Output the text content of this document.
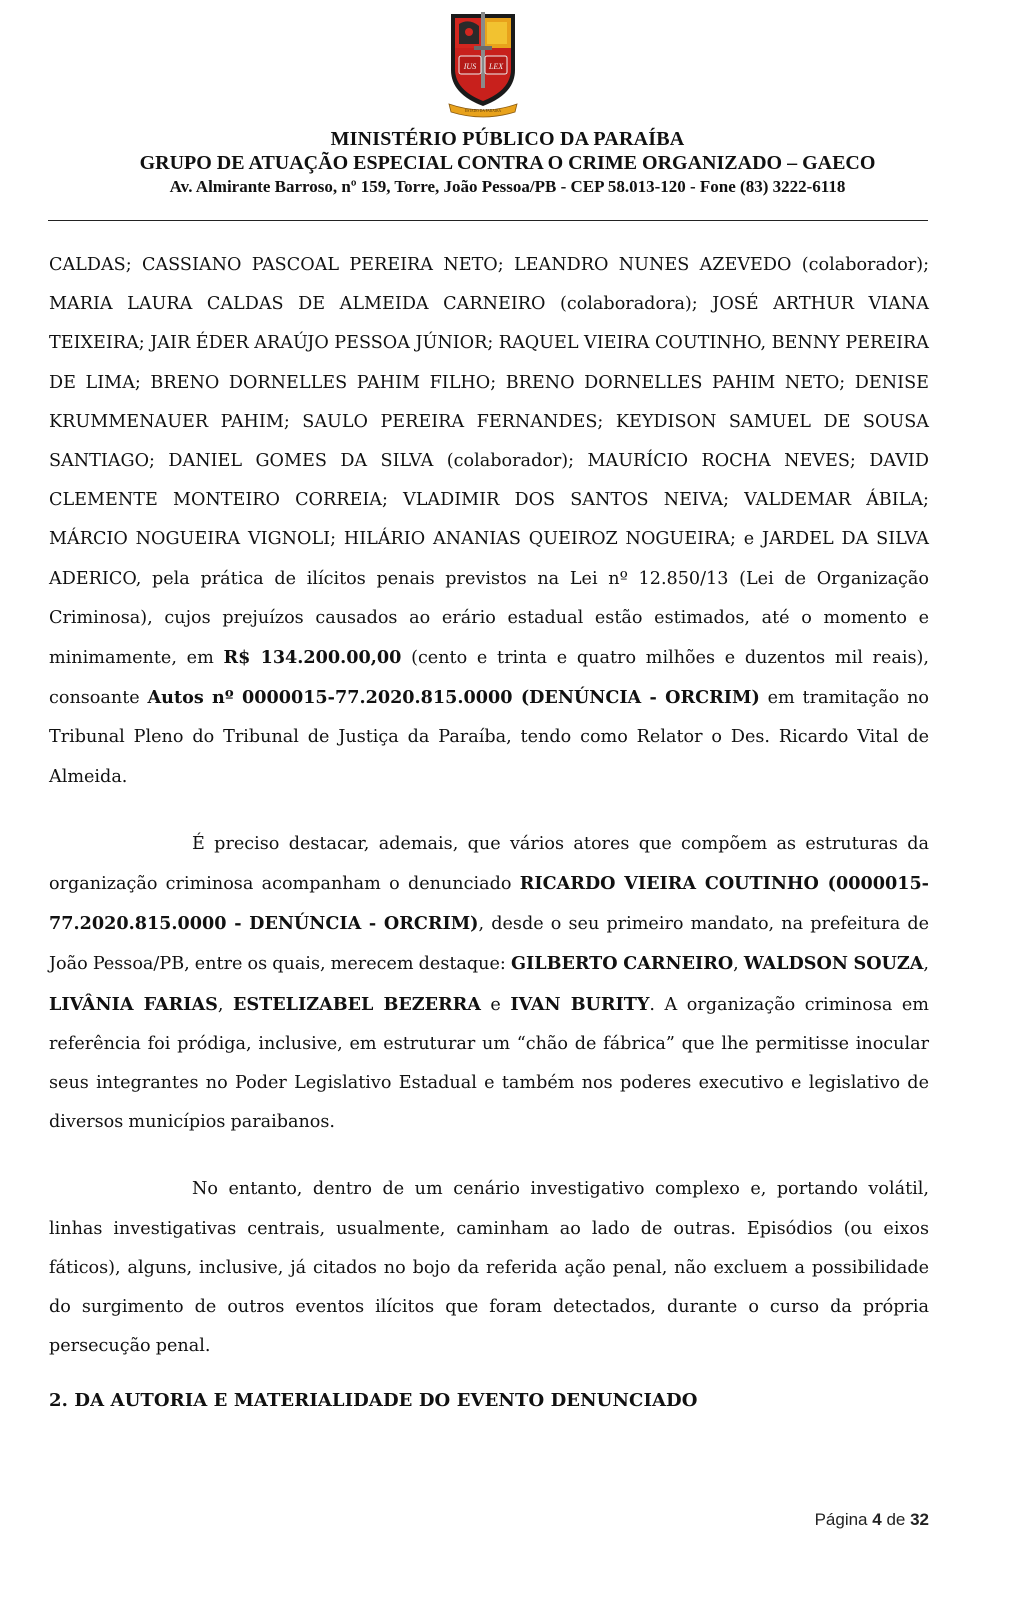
IUS LEX
ESTADO DA PARAIBA
MINISTÉRIO PÚBLICO DA PARAÍBA
GRUPO DE ATUAÇÃO ESPECIAL CONTRA O CRIME ORGANIZADO – GAECO
Av. Almirante Barroso, nº 159, Torre, João Pessoa/PB - CEP 58.013-120 - Fone (83) 3222-6118

CALDAS; CASSIANO PASCOAL PEREIRA NETO; LEANDRO NUNES AZEVEDO (colaborador); MARIA LAURA CALDAS DE ALMEIDA CARNEIRO (colaboradora); JOSÉ ARTHUR VIANA TEIXEIRA; JAIR ÉDER ARAÚJO PESSOA JÚNIOR; RAQUEL VIEIRA COUTINHO, BENNY PEREIRA DE LIMA; BRENO DORNELLES PAHIM FILHO; BRENO DORNELLES PAHIM NETO; DENISE KRUMMENAUER PAHIM; SAULO PEREIRA FERNANDES; KEYDISON SAMUEL DE SOUSA SANTIAGO; DANIEL GOMES DA SILVA (colaborador); MAURÍCIO ROCHA NEVES; DAVID CLEMENTE MONTEIRO CORREIA; VLADIMIR DOS SANTOS NEIVA; VALDEMAR ÁBILA; MÁRCIO NOGUEIRA VIGNOLI; HILÁRIO ANANIAS QUEIROZ NOGUEIRA; e JARDEL DA SILVA ADERICO, pela prática de ilícitos penais previstos na Lei nº 12.850/13 (Lei de Organização Criminosa), cujos prejuízos causados ao erário estadual estão estimados, até o momento e minimamente, em R$ 134.200.00,00 (cento e trinta e quatro milhões e duzentos mil reais), consoante Autos nº 0000015-77.2020.815.0000 (DENÚNCIA - ORCRIM) em tramitação no Tribunal Pleno do Tribunal de Justiça da Paraíba, tendo como Relator o Des. Ricardo Vital de Almeida.

É preciso destacar, ademais, que vários atores que compõem as estruturas da organização criminosa acompanham o denunciado RICARDO VIEIRA COUTINHO (0000015-77.2020.815.0000 - DENÚNCIA - ORCRIM), desde o seu primeiro mandato, na prefeitura de João Pessoa/PB, entre os quais, merecem destaque: GILBERTO CARNEIRO, WALDSON SOUZA, LIVÂNIA FARIAS, ESTELIZABEL BEZERRA e IVAN BURITY. A organização criminosa em referência foi pródiga, inclusive, em estruturar um “chão de fábrica” que lhe permitisse inocular seus integrantes no Poder Legislativo Estadual e também nos poderes executivo e legislativo de diversos municípios paraibanos.

No entanto, dentro de um cenário investigativo complexo e, portando volátil, linhas investigativas centrais, usualmente, caminham ao lado de outras. Episódios (ou eixos fáticos), alguns, inclusive, já citados no bojo da referida ação penal, não excluem a possibilidade do surgimento de outros eventos ilícitos que foram detectados, durante o curso da própria persecução penal.

2. DA AUTORIA E MATERIALIDADE DO EVENTO DENUNCIADO
Página 4 de 32
